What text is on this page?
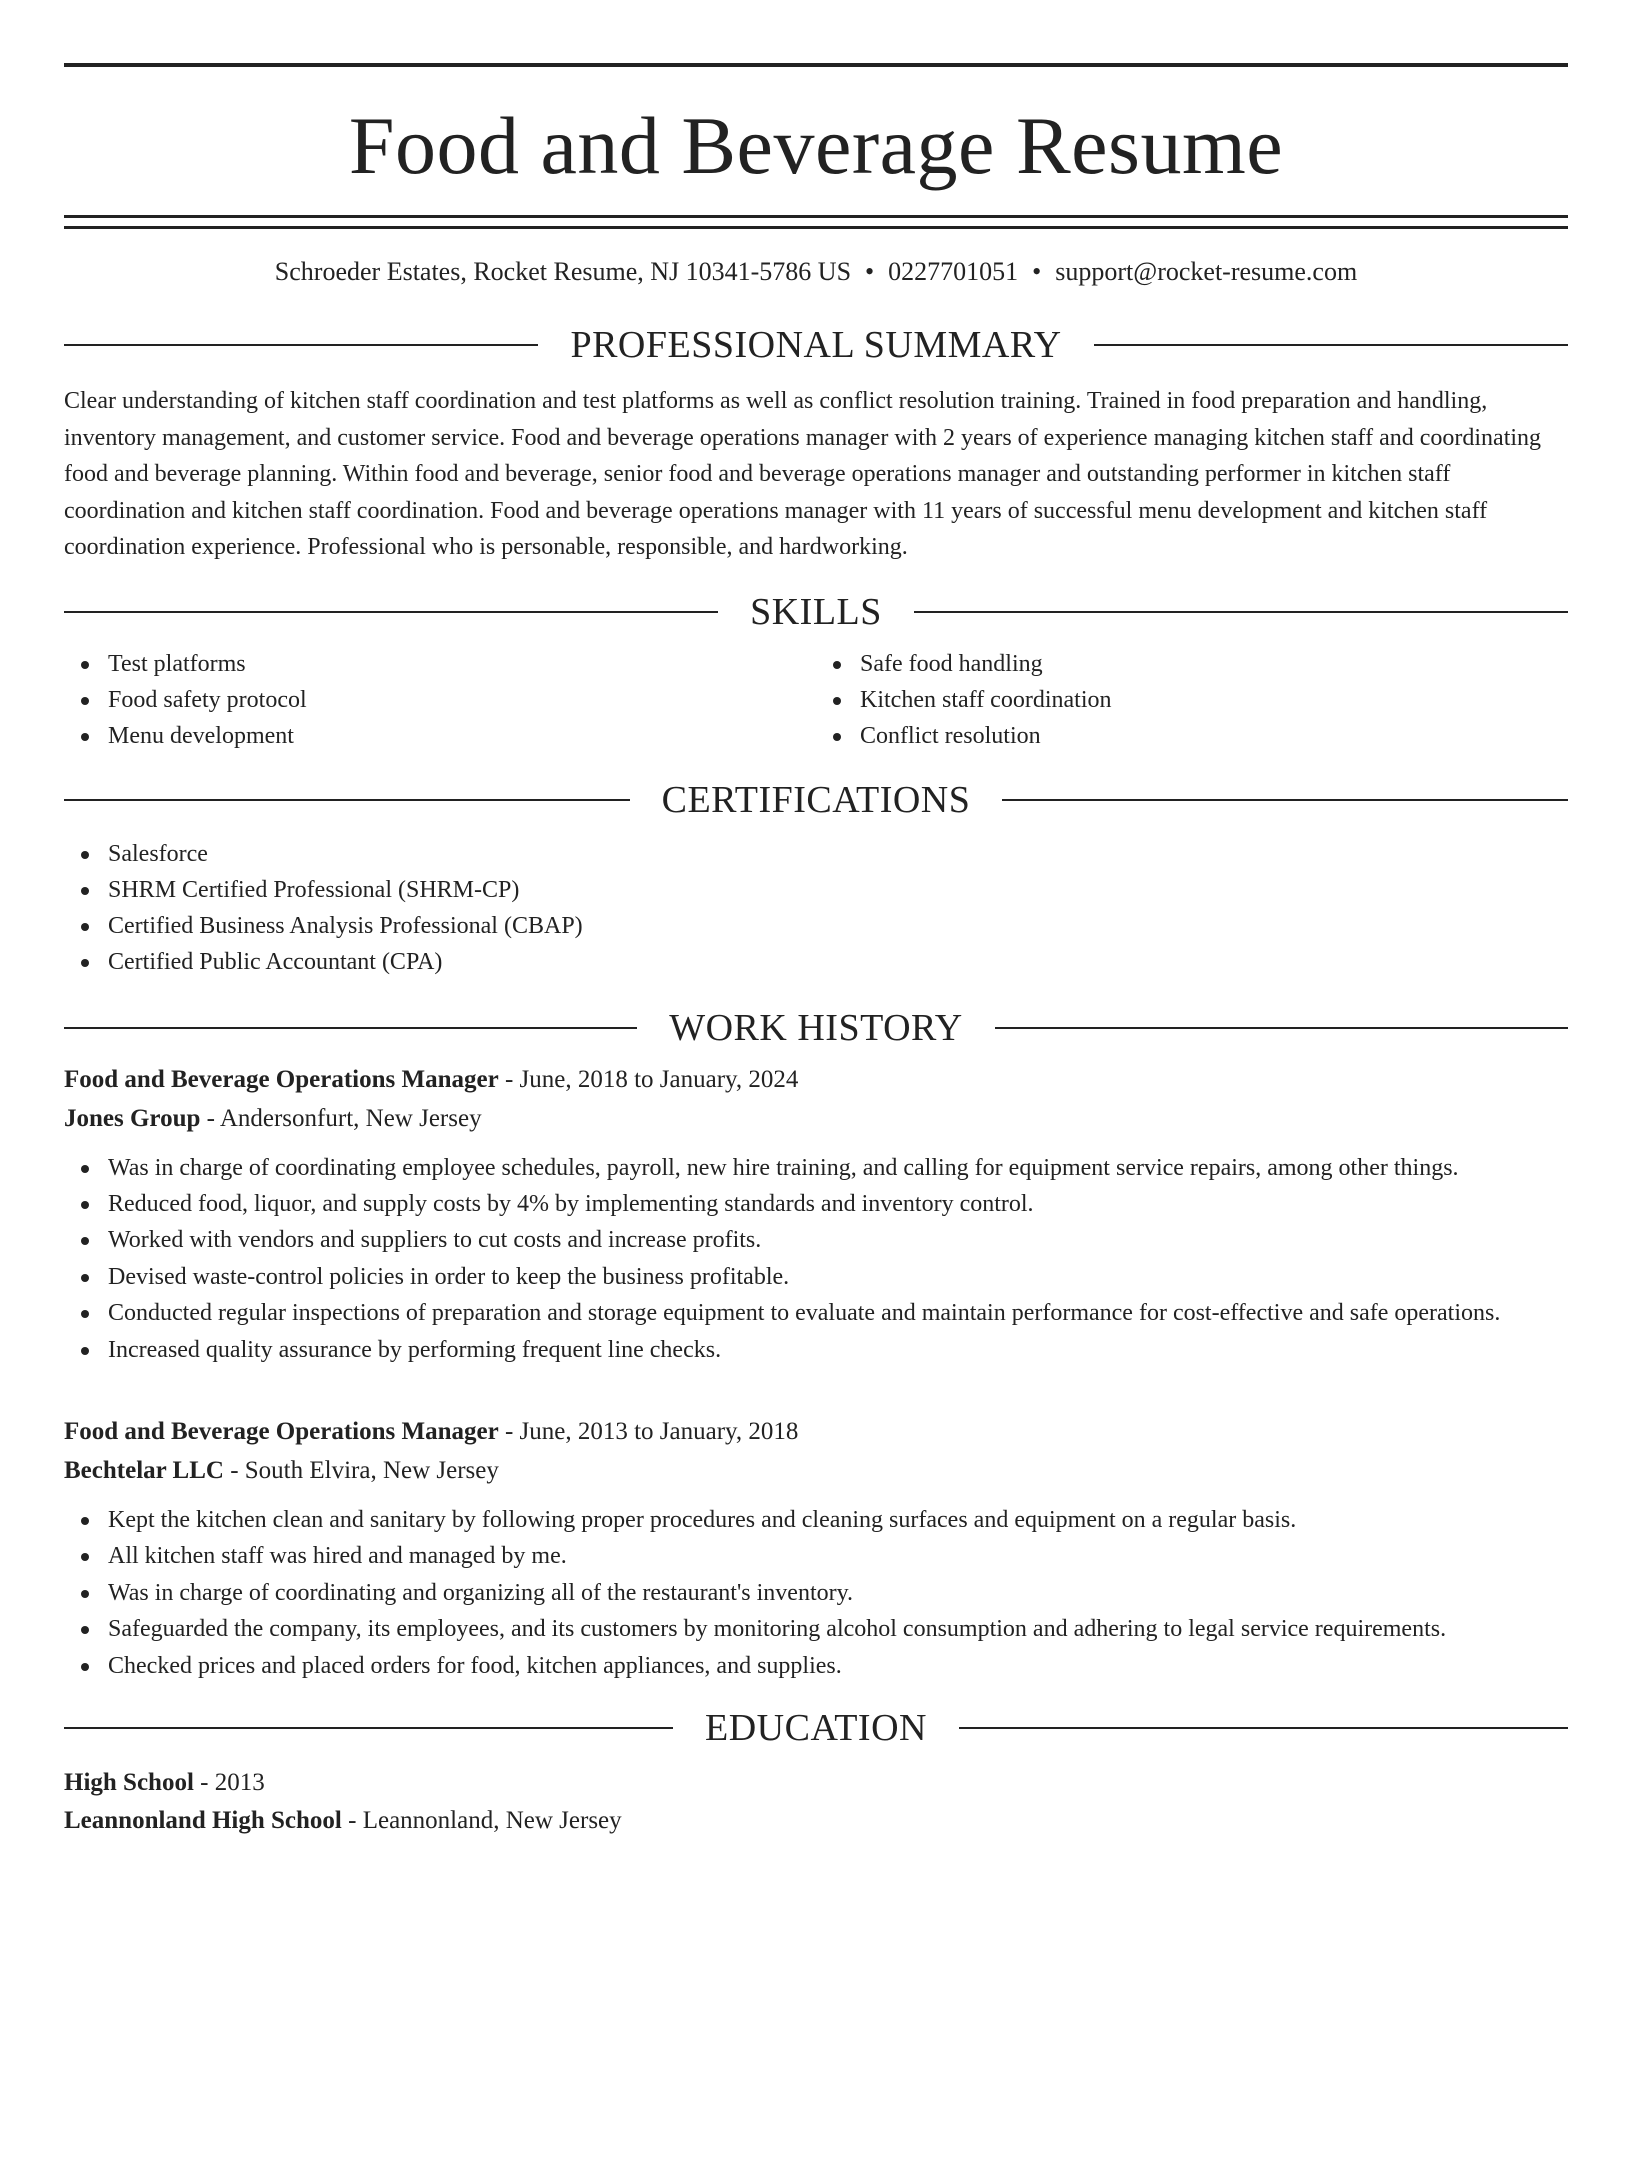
Food and Beverage Resume
Schroeder Estates, Rocket Resume, NJ 10341-5786 US • 0227701051 • support@rocket-resume.com
PROFESSIONAL SUMMARY

Clear understanding of kitchen staff coordination and test platforms as well as conflict resolution training. Trained in food preparation and handling, inventory management, and customer service. Food and beverage operations manager with 2 years of experience managing kitchen staff and coordinating food and beverage planning. Within food and beverage, senior food and beverage operations manager and outstanding performer in kitchen staff coordination and kitchen staff coordination. Food and beverage operations manager with 11 years of successful menu development and kitchen staff coordination experience. Professional who is personable, responsible, and hardworking.

SKILLS
Test platforms
Food safety protocol
Menu development
Safe food handling
Kitchen staff coordination
Conflict resolution
CERTIFICATIONS
Salesforce
SHRM Certified Professional (SHRM-CP)
Certified Business Analysis Professional (CBAP)
Certified Public Accountant (CPA)
WORK HISTORY
Food and Beverage Operations Manager - June, 2018 to January, 2024
Jones Group - Andersonfurt, New Jersey
Was in charge of coordinating employee schedules, payroll, new hire training, and calling for equipment service repairs, among other things.
Reduced food, liquor, and supply costs by 4% by implementing standards and inventory control.
Worked with vendors and suppliers to cut costs and increase profits.
Devised waste-control policies in order to keep the business profitable.
Conducted regular inspections of preparation and storage equipment to evaluate and maintain performance for cost-effective and safe operations.
Increased quality assurance by performing frequent line checks.
Food and Beverage Operations Manager - June, 2013 to January, 2018
Bechtelar LLC - South Elvira, New Jersey
Kept the kitchen clean and sanitary by following proper procedures and cleaning surfaces and equipment on a regular basis.
All kitchen staff was hired and managed by me.
Was in charge of coordinating and organizing all of the restaurant's inventory.
Safeguarded the company, its employees, and its customers by monitoring alcohol consumption and adhering to legal service requirements.
Checked prices and placed orders for food, kitchen appliances, and supplies.
EDUCATION
High School - 2013
Leannonland High School - Leannonland, New Jersey
